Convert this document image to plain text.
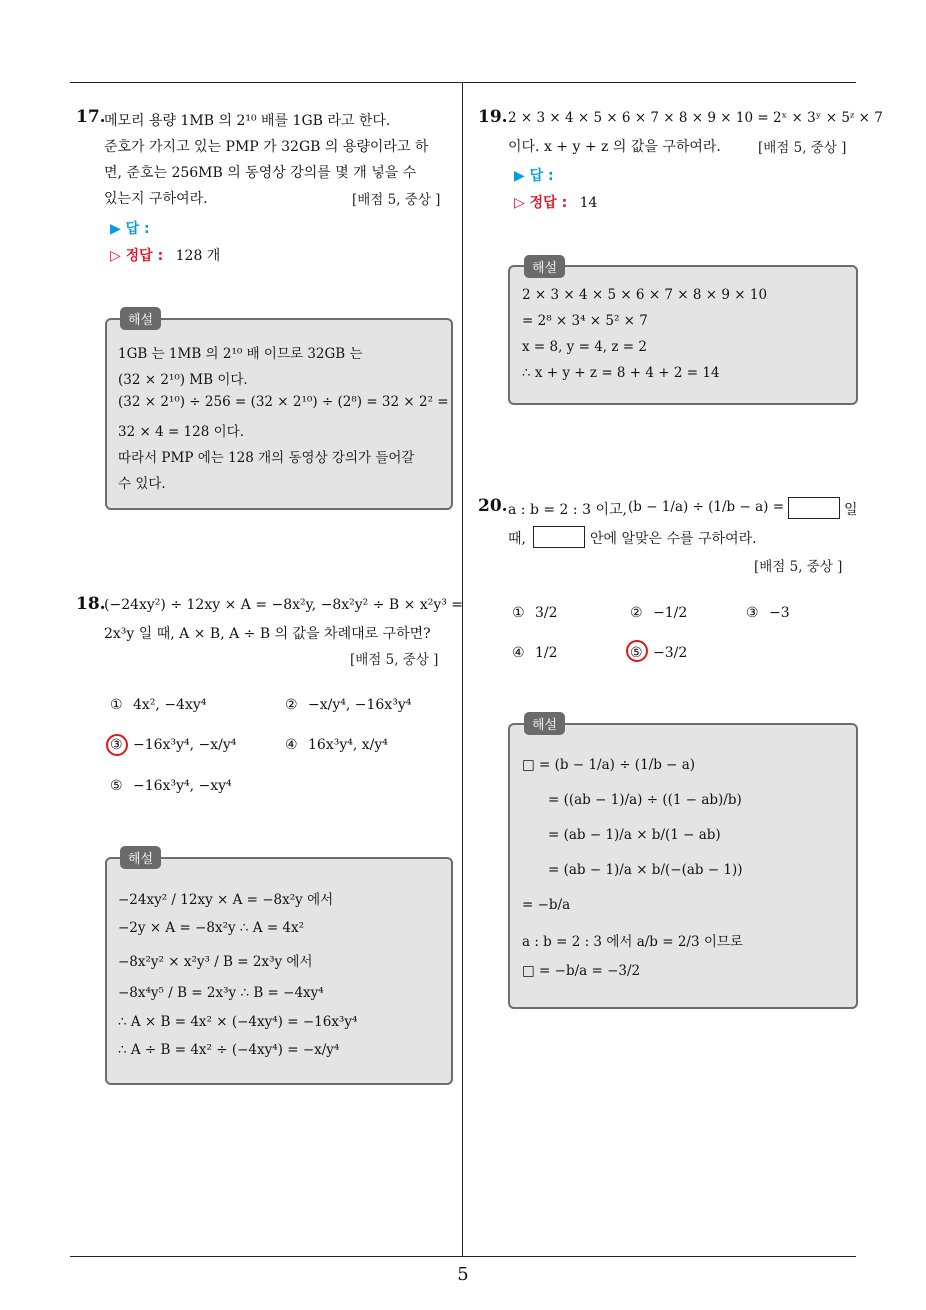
5
17.
메모리 용량 1MB 의 2¹⁰ 배를 1GB 라고 한다.
준호가 가지고 있는 PMP 가 32GB 의 용량이라고 하
면, 준호는 256MB 의 동영상 강의를 몇 개 넣을 수
있는지 구하여라.	[배점 5, 중상 ]
▶ 답 :
▷ 정답 : 128 개
해설
1GB 는 1MB 의 2¹⁰ 배 이므로 32GB 는
(32 × 2¹⁰) MB 이다.
(32 × 2¹⁰) ÷ 256 = (32 × 2¹⁰) ÷ (2⁸) = 32 × 2² =
32 × 4 = 128 이다.
따라서 PMP 에는 128 개의 동영상 강의가 들어갈
수 있다.
18.
(−24xy²) ÷ 12xy × A = −8x²y, −8x²y² ÷ B × x²y³ =
2x³y 일 때, A × B, A ÷ B 의 값을 차례대로 구하면?
[배점 5, 중상 ]
① 4x², −4xy⁴	② −x/y⁴, −16x³y⁴
③ −16x³y⁴, −x/y⁴	④ 16x³y⁴, x/y⁴
⑤ −16x³y⁴, −xy⁴
해설
−24xy² / 12xy × A = −8x²y 에서
−2y × A = −8x²y ∴ A = 4x²
−8x²y² × x²y³ / B = 2x³y 에서
−8x⁴y⁵ / B = 2x³y ∴ B = −4xy⁴
∴ A × B = 4x² × (−4xy⁴) = −16x³y⁴
∴ A ÷ B = 4x² ÷ (−4xy⁴) = −x/y⁴
19. 2 × 3 × 4 × 5 × 6 × 7 × 8 × 9 × 10 = 2ˣ × 3ʸ × 5ᶻ × 7
이다. x + y + z 의 값을 구하여라.	[배점 5, 중상 ]
▶ 답 :
▷ 정답 : 14
해설
2 × 3 × 4 × 5 × 6 × 7 × 8 × 9 × 10
= 2⁸ × 3⁴ × 5² × 7
x = 8, y = 4, z = 2
∴ x + y + z = 8 + 4 + 2 = 14
20. a : b = 2 : 3 이고, (b − 1/a) ÷ (1/b − a) =	일
때,	안에 알맞은 수를 구하여라.
[배점 5, 중상 ]
① 3/2	② −1/2	③ −3
④ 1/2	⑤ −3/2
해설
□ = (b − 1/a) ÷ (1/b − a)
= ((ab − 1)/a) ÷ ((1 − ab)/b)
= (ab − 1)/a × b/(1 − ab)
= (ab − 1)/a × b/(−(ab − 1))
= −b/a
a : b = 2 : 3 에서 a/b = 2/3 이므로
□ = −b/a = −3/2
